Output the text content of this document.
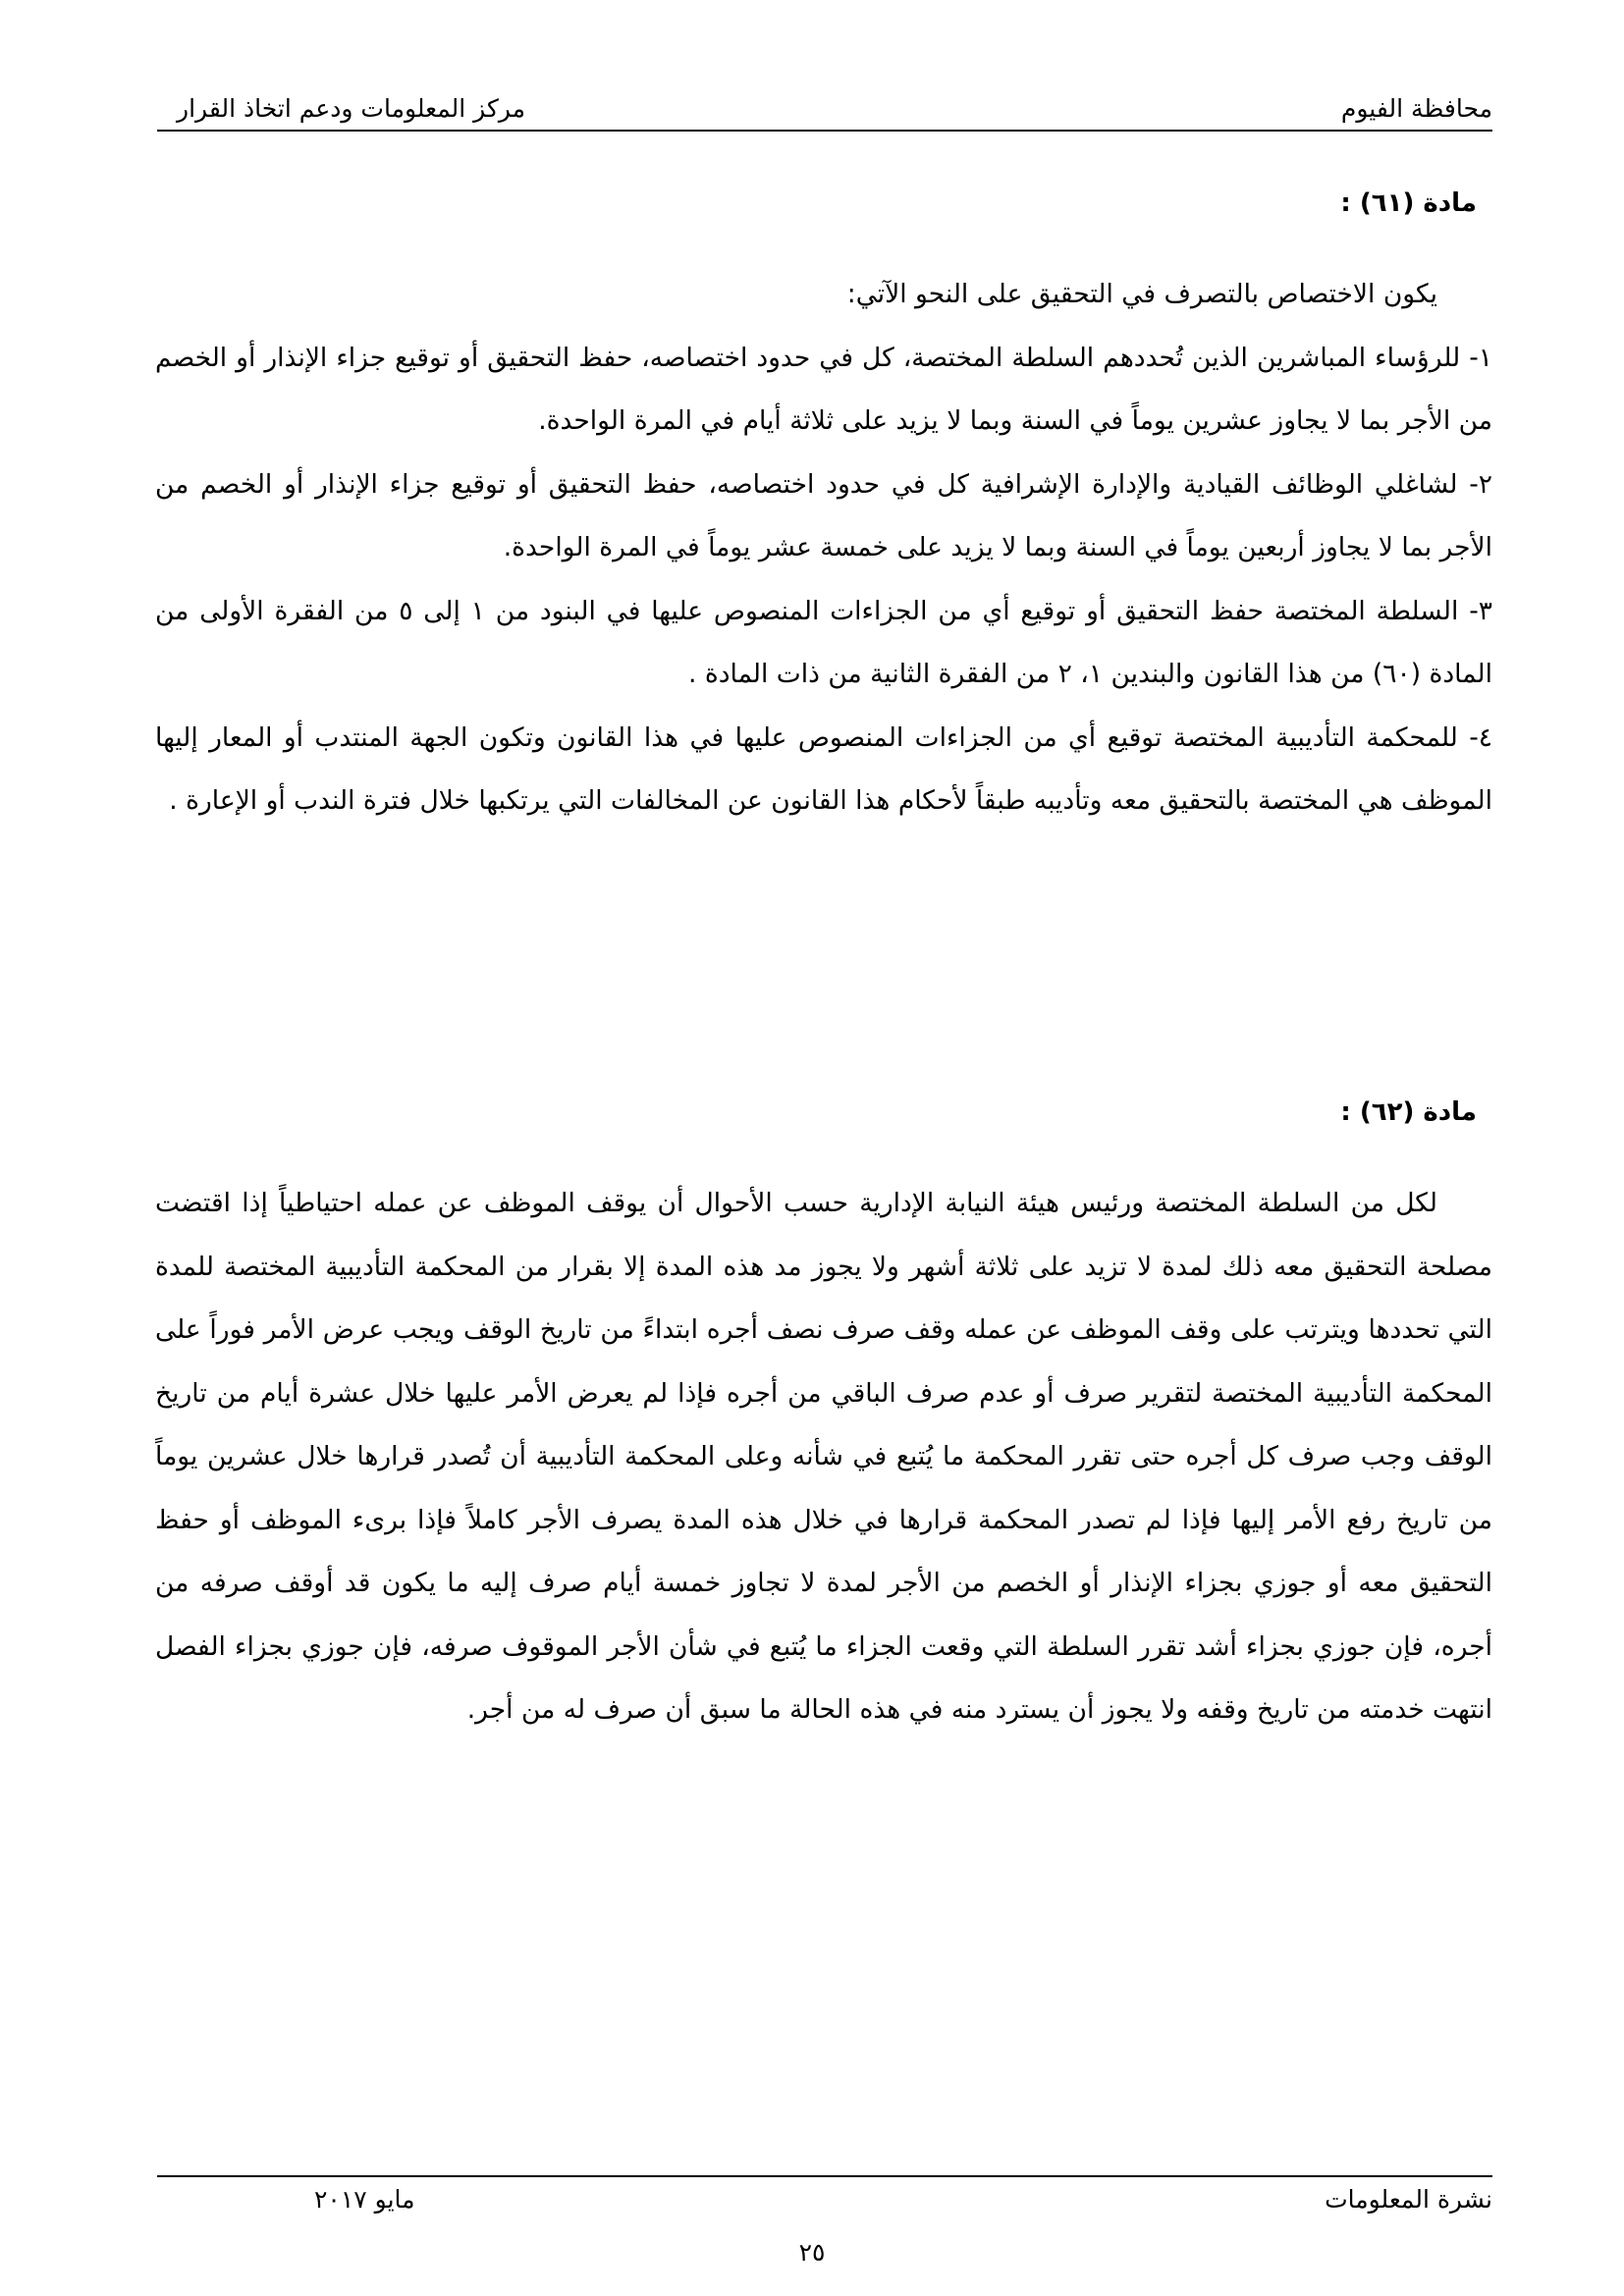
محافظة الفيوم
مركز المعلومات ودعم اتخاذ القرار
مادة (٦١) :

يكون الاختصاص بالتصرف في التحقيق على النحو الآتي:

١- للرؤساء المباشرين الذين تُحددهم السلطة المختصة، كل في حدود اختصاصه، حفظ التحقيق أو توقيع جزاء الإنذار أو الخصم من الأجر بما لا يجاوز عشرين يوماً في السنة وبما لا يزيد على ثلاثة أيام في المرة الواحدة.

٢- لشاغلي الوظائف القيادية والإدارة الإشرافية كل في حدود اختصاصه، حفظ التحقيق أو توقيع جزاء الإنذار أو الخصم من الأجر بما لا يجاوز أربعين يوماً في السنة وبما لا يزيد على خمسة عشر يوماً في المرة الواحدة.

٣- السلطة المختصة حفظ التحقيق أو توقيع أي من الجزاءات المنصوص عليها في البنود من ١ إلى ٥ من الفقرة الأولى من المادة (٦٠) من هذا القانون والبندين ١، ٢ من الفقرة الثانية من ذات المادة .

٤- للمحكمة التأديبية المختصة توقيع أي من الجزاءات المنصوص عليها في هذا القانون وتكون الجهة المنتدب أو المعار إليها الموظف هي المختصة بالتحقيق معه وتأديبه طبقاً لأحكام هذا القانون عن المخالفات التي يرتكبها خلال فترة الندب أو الإعارة .

مادة (٦٢) :

لكل من السلطة المختصة ورئيس هيئة النيابة الإدارية حسب الأحوال أن يوقف الموظف عن عمله احتياطياً إذا اقتضت مصلحة التحقيق معه ذلك لمدة لا تزيد على ثلاثة أشهر ولا يجوز مد هذه المدة إلا بقرار من المحكمة التأديبية المختصة للمدة التي تحددها ويترتب على وقف الموظف عن عمله وقف صرف نصف أجره ابتداءً من تاريخ الوقف ويجب عرض الأمر فوراً على المحكمة التأديبية المختصة لتقرير صرف أو عدم صرف الباقي من أجره فإذا لم يعرض الأمر عليها خلال عشرة أيام من تاريخ الوقف وجب صرف كل أجره حتى تقرر المحكمة ما يُتبع في شأنه وعلى المحكمة التأديبية أن تُصدر قرارها خلال عشرين يوماً من تاريخ رفع الأمر إليها فإذا لم تصدر المحكمة قرارها في خلال هذه المدة يصرف الأجر كاملاً فإذا برىء الموظف أو حفظ التحقيق معه أو جوزي بجزاء الإنذار أو الخصم من الأجر لمدة لا تجاوز خمسة أيام صرف إليه ما يكون قد أوقف صرفه من أجره، فإن جوزي بجزاء أشد تقرر السلطة التي وقعت الجزاء ما يُتبع في شأن الأجر الموقوف صرفه، فإن جوزي بجزاء الفصل انتهت خدمته من تاريخ وقفه ولا يجوز أن يسترد منه في هذه الحالة ما سبق أن صرف له من أجر.

نشرة المعلومات
مايو ٢٠١٧
٢٥
